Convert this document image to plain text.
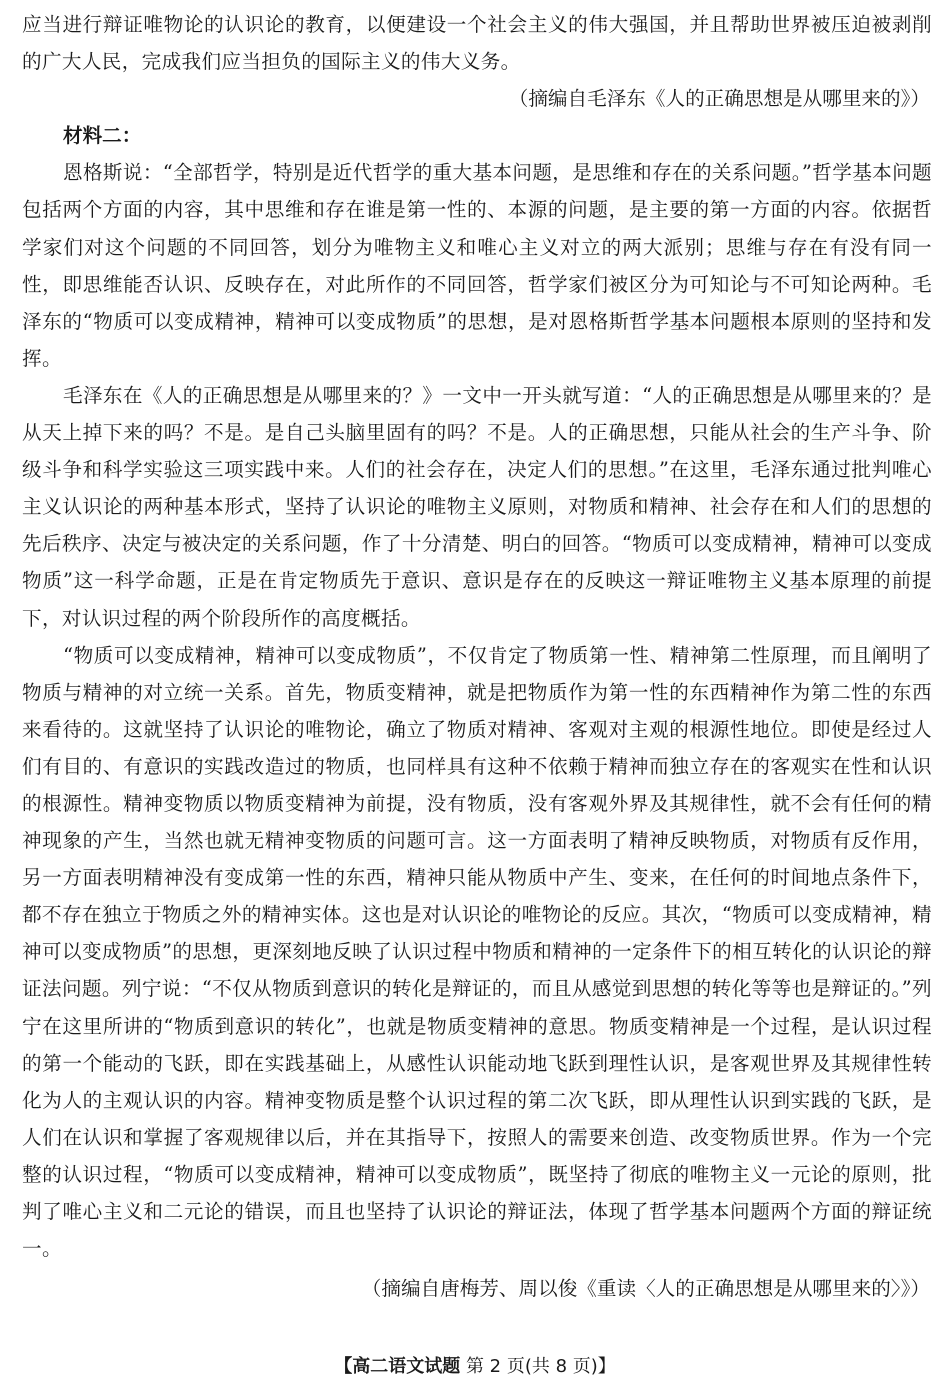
应当进行辩证唯物论的认识论的教育，以便建设一个社会主义的伟大强国，并且帮助世界被压迫被剥削的广大人民，完成我们应当担负的国际主义的伟大义务。

（摘编自毛泽东《人的正确思想是从哪里来的》）

材料二：

恩格斯说：“全部哲学，特别是近代哲学的重大基本问题，是思维和存在的关系问题。”哲学基本问题包括两个方面的内容，其中思维和存在谁是第一性的、本源的问题，是主要的第一方面的内容。依据哲学家们对这个问题的不同回答，划分为唯物主义和唯心主义对立的两大派别；思维与存在有没有同一性，即思维能否认识、反映存在，对此所作的不同回答，哲学家们被区分为可知论与不可知论两种。毛泽东的“物质可以变成精神，精神可以变成物质”的思想，是对恩格斯哲学基本问题根本原则的坚持和发挥。

毛泽东在《人的正确思想是从哪里来的？》一文中一开头就写道：“人的正确思想是从哪里来的？是从天上掉下来的吗？不是。是自己头脑里固有的吗？不是。人的正确思想，只能从社会的生产斗争、阶级斗争和科学实验这三项实践中来。人们的社会存在，决定人们的思想。”在这里，毛泽东通过批判唯心主义认识论的两种基本形式，坚持了认识论的唯物主义原则，对物质和精神、社会存在和人们的思想的先后秩序、决定与被决定的关系问题，作了十分清楚、明白的回答。“物质可以变成精神，精神可以变成物质”这一科学命题，正是在肯定物质先于意识、意识是存在的反映这一辩证唯物主义基本原理的前提下，对认识过程的两个阶段所作的高度概括。

“物质可以变成精神，精神可以变成物质”，不仅肯定了物质第一性、精神第二性原理，而且阐明了物质与精神的对立统一关系。首先，物质变精神，就是把物质作为第一性的东西精神作为第二性的东西来看待的。这就坚持了认识论的唯物论，确立了物质对精神、客观对主观的根源性地位。即使是经过人们有目的、有意识的实践改造过的物质，也同样具有这种不依赖于精神而独立存在的客观实在性和认识的根源性。精神变物质以物质变精神为前提，没有物质，没有客观外界及其规律性，就不会有任何的精神现象的产生，当然也就无精神变物质的问题可言。这一方面表明了精神反映物质，对物质有反作用，另一方面表明精神没有变成第一性的东西，精神只能从物质中产生、变来，在任何的时间地点条件下，都不存在独立于物质之外的精神实体。这也是对认识论的唯物论的反应。其次，“物质可以变成精神，精神可以变成物质”的思想，更深刻地反映了认识过程中物质和精神的一定条件下的相互转化的认识论的辩证法问题。列宁说：“不仅从物质到意识的转化是辩证的，而且从感觉到思想的转化等等也是辩证的。”列宁在这里所讲的“物质到意识的转化”，也就是物质变精神的意思。物质变精神是一个过程，是认识过程的第一个能动的飞跃，即在实践基础上，从感性认识能动地飞跃到理性认识，是客观世界及其规律性转化为人的主观认识的内容。精神变物质是整个认识过程的第二次飞跃，即从理性认识到实践的飞跃，是人们在认识和掌握了客观规律以后，并在其指导下，按照人的需要来创造、改变物质世界。作为一个完整的认识过程，“物质可以变成精神，精神可以变成物质”，既坚持了彻底的唯物主义一元论的原则，批判了唯心主义和二元论的错误，而且也坚持了认识论的辩证法，体现了哲学基本问题两个方面的辩证统一。

（摘编自唐梅芳、周以俊《重读〈人的正确思想是从哪里来的〉》）

【高二语文试题 第 2 页(共 8 页)】
